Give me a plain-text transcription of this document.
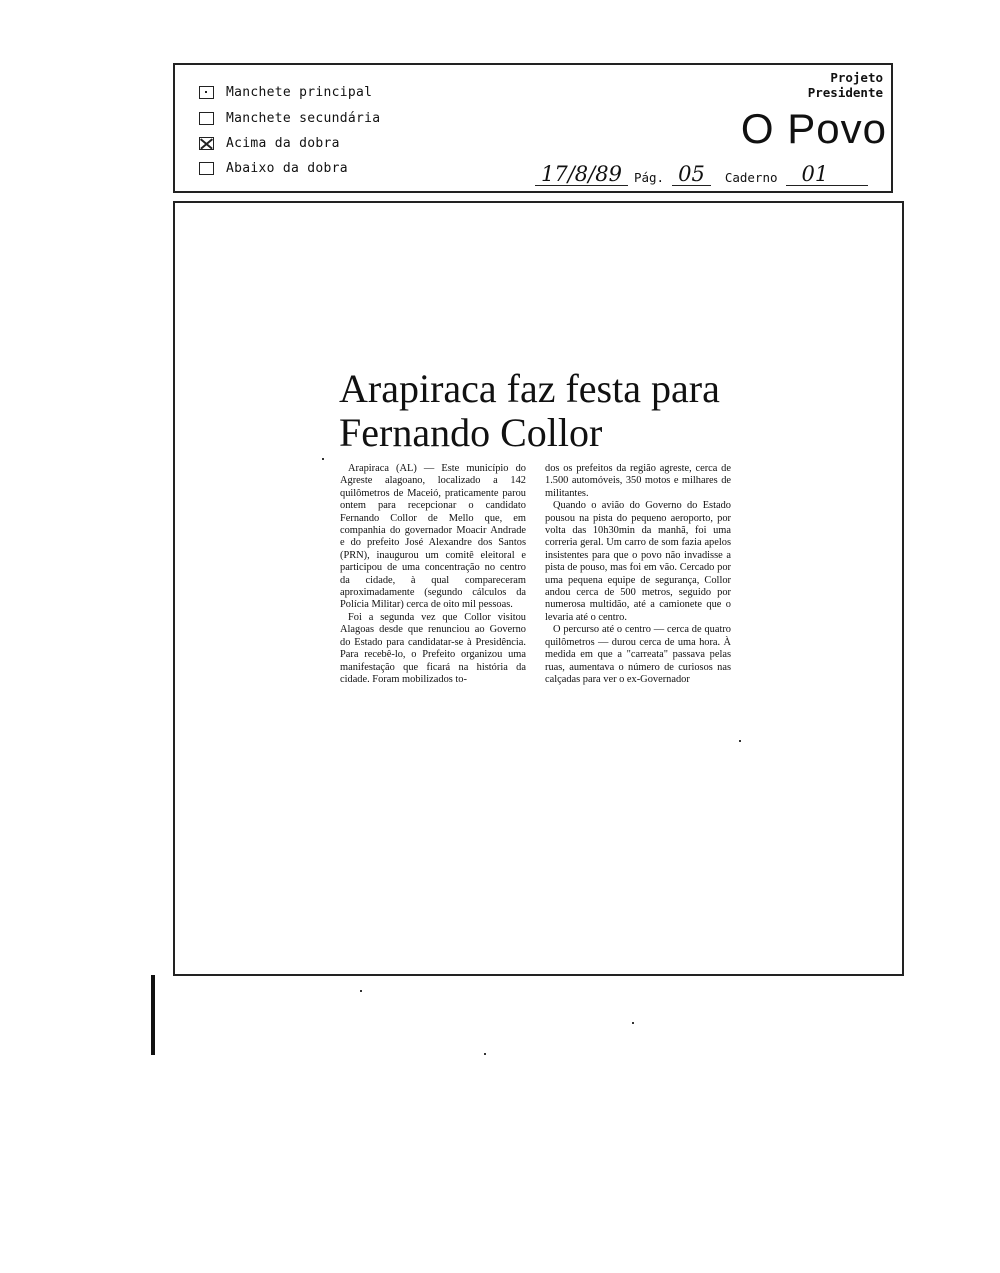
Manchete principal
Manchete secundária
Acima da dobra
Abaixo da dobra
Projeto
Presidente
O Povo
17/8/89 Pág. 05	Caderno	01
Arapiraca faz festa para Fernando Collor

Arapiraca (AL) — Este município do Agreste alagoano, localizado a 142 quilômetros de Maceió, praticamente parou ontem para recepcionar o candidato Fernando Collor de Mello que, em companhia do governador Moacir Andrade e do prefeito José Alexandre dos Santos (PRN), inaugurou um comitê eleitoral e participou de uma concentração no centro da cidade, à qual compareceram aproximadamente (segundo cálculos da Polícia Militar) cerca de oito mil pessoas.

Foi a segunda vez que Collor visitou Alagoas desde que renunciou ao Governo do Estado para candidatar-se à Presidência. Para recebê-lo, o Prefeito organizou uma manifestação que ficará na história da cidade. Foram mobilizados to-

dos os prefeitos da região agreste, cerca de 1.500 automóveis, 350 motos e milhares de militantes.

Quando o avião do Governo do Estado pousou na pista do pequeno aeroporto, por volta das 10h30min da manhã, foi uma correria geral. Um carro de som fazia apelos insistentes para que o povo não invadisse a pista de pouso, mas foi em vão. Cercado por uma pequena equipe de segurança, Collor andou cerca de 500 metros, seguido por numerosa multidão, até a camionete que o levaria até o centro.

O percurso até o centro — cerca de quatro quilômetros — durou cerca de uma hora. À medida em que a "carreata" passava pelas ruas, aumentava o número de curiosos nas calçadas para ver o ex-Governador
